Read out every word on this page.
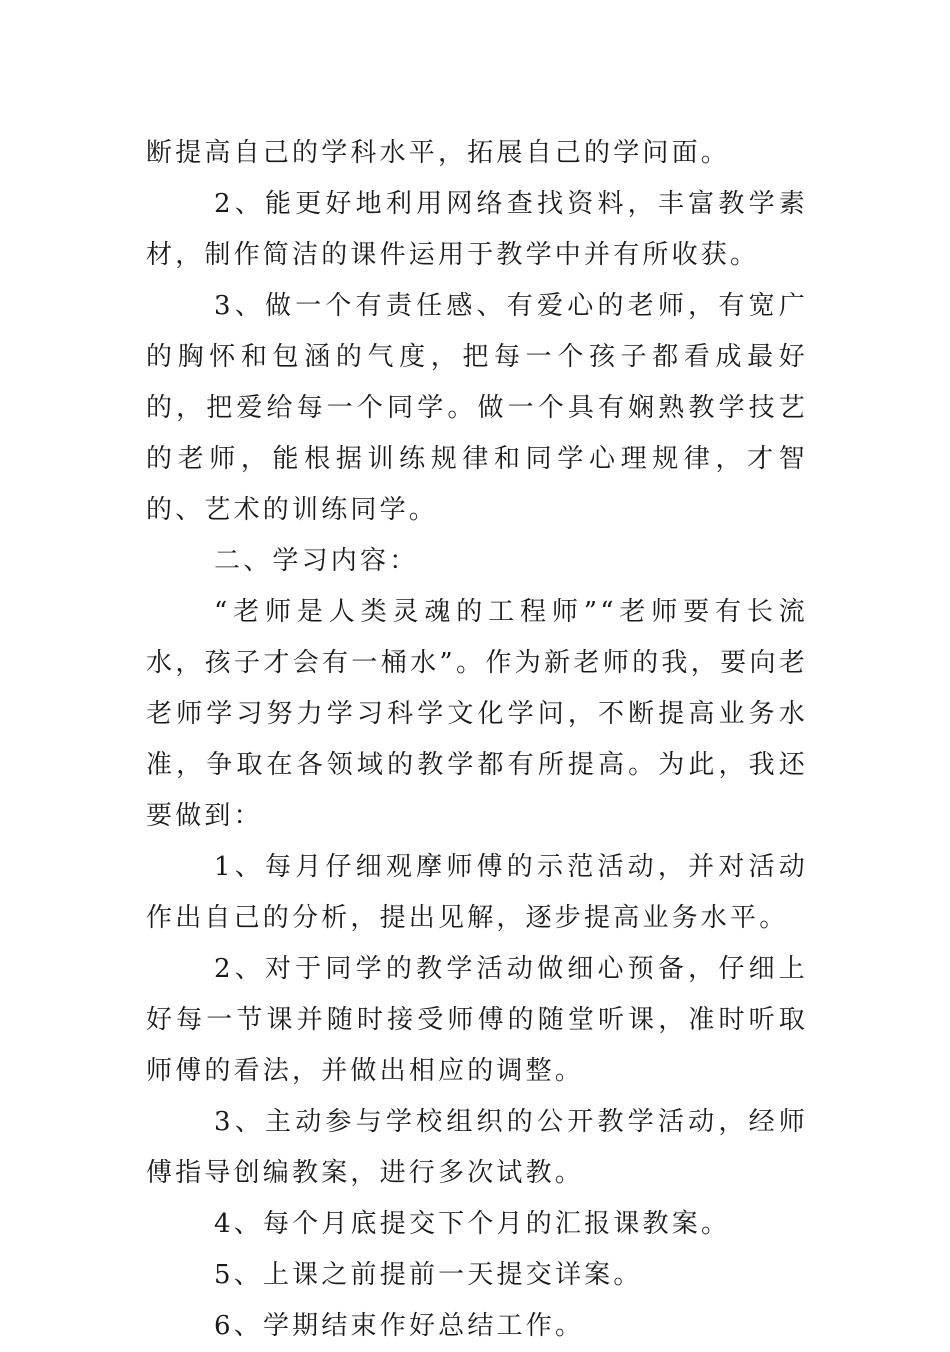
断提高自己的学科水平，拓展自己的学问面。

2、能更好地利用网络查找资料，丰富教学素材，制作简洁的课件运用于教学中并有所收获。

3、做一个有责任感、有爱心的老师，有宽广的胸怀和包涵的气度，把每一个孩子都看成最好的，把爱给每一个同学。做一个具有娴熟教学技艺的老师，能根据训练规律和同学心理规律，才智的、艺术的训练同学。

二、学习内容：

“老师是人类灵魂的工程师”“老师要有长流水，孩子才会有一桶水”。作为新老师的我，要向老老师学习努力学习科学文化学问，不断提高业务水准，争取在各领域的教学都有所提高。为此，我还要做到：

1、每月仔细观摩师傅的示范活动，并对活动作出自己的分析，提出见解，逐步提高业务水平。

2、对于同学的教学活动做细心预备，仔细上好每一节课并随时接受师傅的随堂听课，准时听取师傅的看法，并做出相应的调整。

3、主动参与学校组织的公开教学活动，经师傅指导创编教案，进行多次试教。

4、每个月底提交下个月的汇报课教案。

5、上课之前提前一天提交详案。

6、学期结束作好总结工作。
